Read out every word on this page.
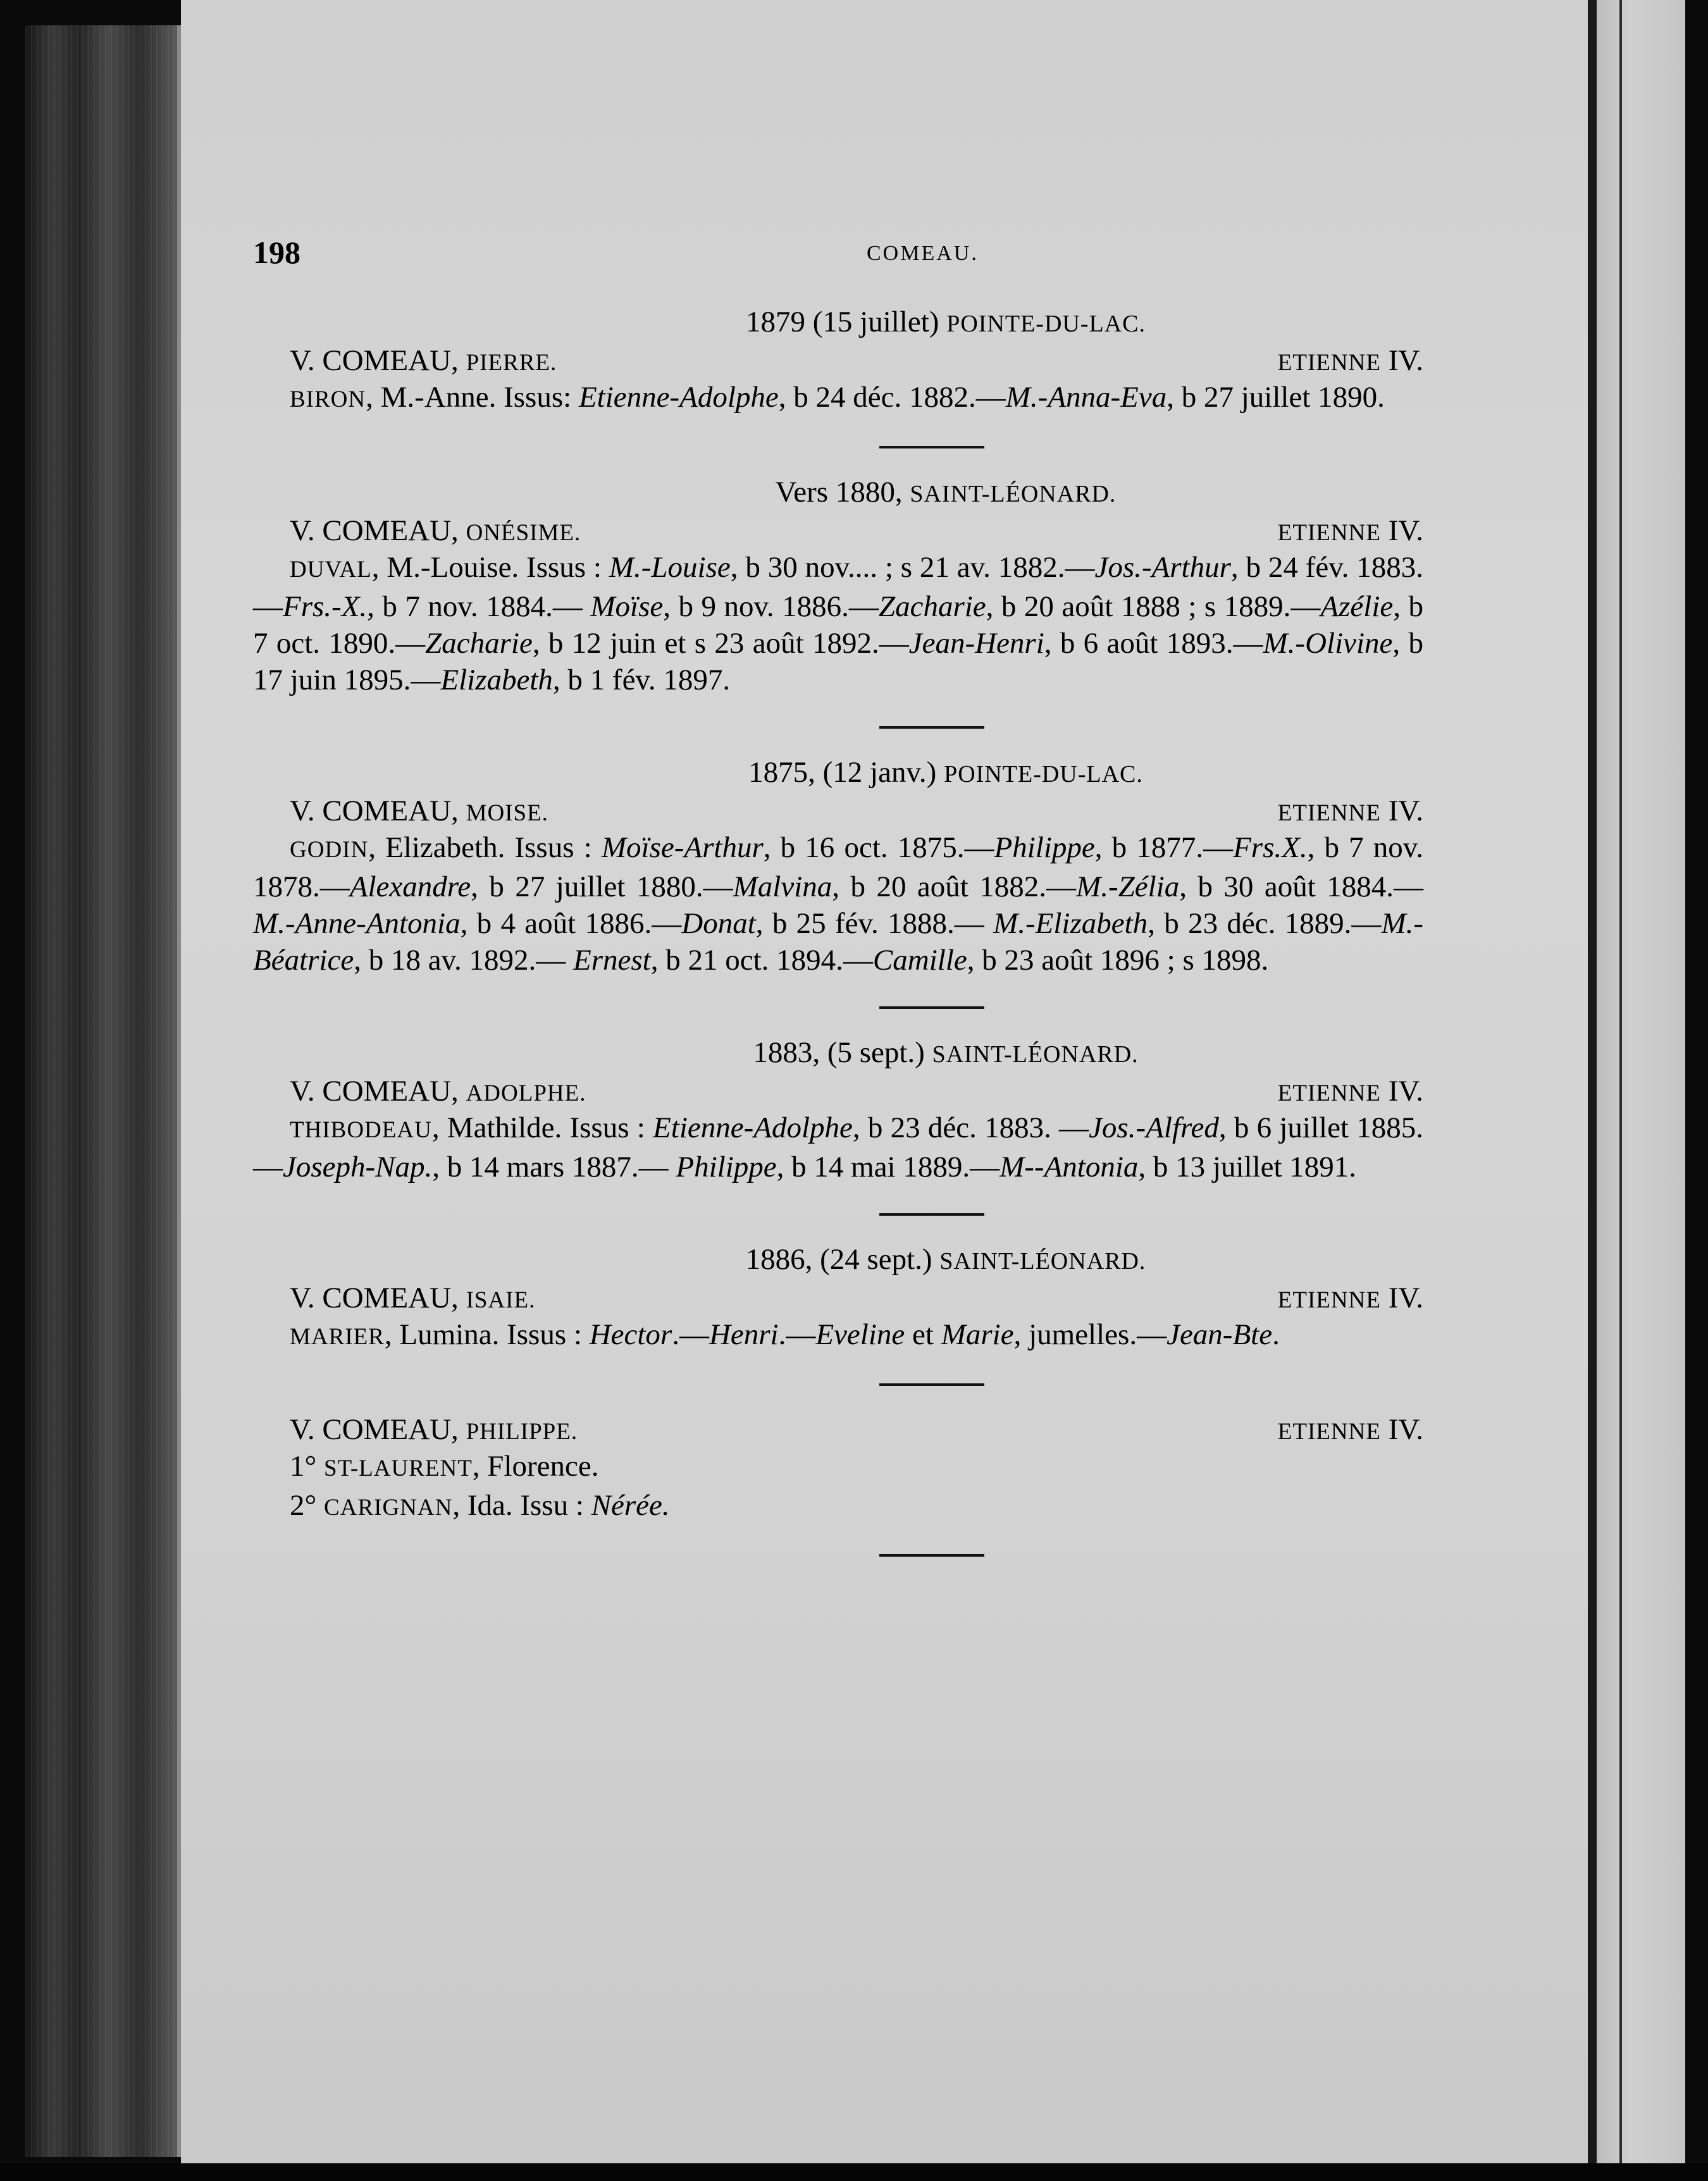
198	COMEAU.
1879 (15 juillet) POINTE-DU-LAC.
V. COMEAU, PIERRE.	ETIENNE IV.

BIRON, M.-Anne. Issus: Etienne-Adolphe, b 24 déc. 1882.—M.-Anna-Eva, b 27 juillet 1890.

Vers 1880, SAINT-LÉONARD.
V. COMEAU, ONÉSIME.	ETIENNE IV.

DUVAL, M.-Louise. Issus : M.-Louise, b 30 nov.... ; s 21 av. 1882.—Jos.-Arthur, b 24 fév. 1883.—Frs.-X., b 7 nov. 1884.— Moïse, b 9 nov. 1886.—Zacharie, b 20 août 1888 ; s 1889.—Azélie, b 7 oct. 1890.—Zacharie, b 12 juin et s 23 août 1892.—Jean-Henri, b 6 août 1893.—M.-Olivine, b 17 juin 1895.—Elizabeth, b 1 fév. 1897.

1875, (12 janv.) POINTE-DU-LAC.
V. COMEAU, MOISE.	ETIENNE IV.

GODIN, Elizabeth. Issus : Moïse-Arthur, b 16 oct. 1875.—Philippe, b 1877.—Frs.X., b 7 nov. 1878.—Alexandre, b 27 juillet 1880.—Malvina, b 20 août 1882.—M.-Zélia, b 30 août 1884.— M.-Anne-Antonia, b 4 août 1886.—Donat, b 25 fév. 1888.— M.-Elizabeth, b 23 déc. 1889.—M.-Béatrice, b 18 av. 1892.— Ernest, b 21 oct. 1894.—Camille, b 23 août 1896 ; s 1898.

1883, (5 sept.) SAINT-LÉONARD.
V. COMEAU, ADOLPHE.	ETIENNE IV.

THIBODEAU, Mathilde. Issus : Etienne-Adolphe, b 23 déc. 1883. —Jos.-Alfred, b 6 juillet 1885.—Joseph-Nap., b 14 mars 1887.— Philippe, b 14 mai 1889.—M--Antonia, b 13 juillet 1891.

1886, (24 sept.) SAINT-LÉONARD.
V. COMEAU, ISAIE.	ETIENNE IV.

MARIER, Lumina. Issus : Hector.—Henri.—Eveline et Marie, jumelles.—Jean-Bte.

V. COMEAU, PHILIPPE.	ETIENNE IV.

1° ST-LAURENT, Florence.

2° CARIGNAN, Ida. Issu : Nérée.
